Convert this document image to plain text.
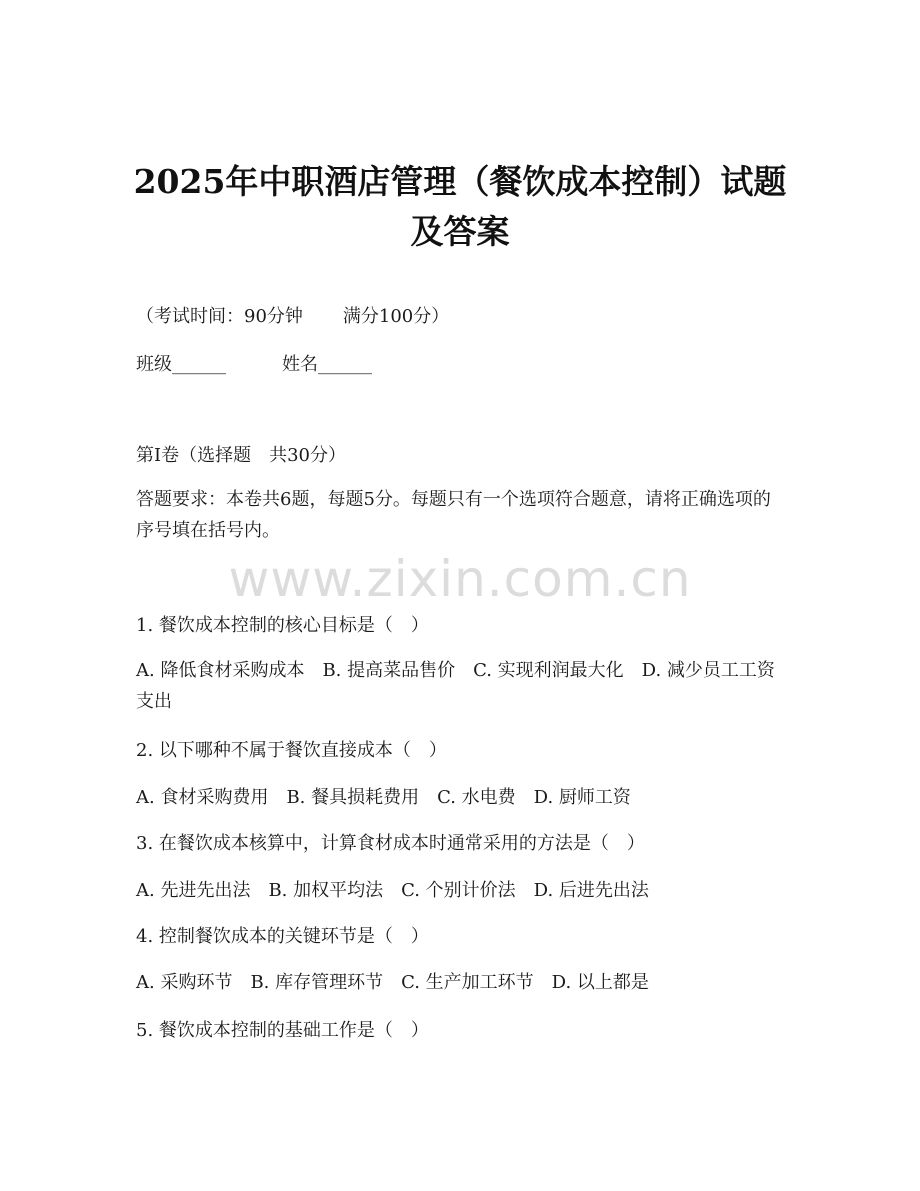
www.zixin.com.cn
2025年中职酒店管理（餐饮成本控制）试题
及答案
（考试时间：90分钟 满分100分）
班级______	姓名______
第I卷（选择题　共30分）
答题要求：本卷共6题，每题5分。每题只有一个选项符合题意，请将正确选项的序号填在括号内。
1. 餐饮成本控制的核心目标是（　）
A. 降低食材采购成本　B. 提高菜品售价　C. 实现利润最大化　D. 减少员工工资支出
2. 以下哪种不属于餐饮直接成本（　）
A. 食材采购费用　B. 餐具损耗费用　C. 水电费　D. 厨师工资
3. 在餐饮成本核算中，计算食材成本时通常采用的方法是（　）
A. 先进先出法　B. 加权平均法　C. 个别计价法　D. 后进先出法
4. 控制餐饮成本的关键环节是（　）
A. 采购环节　B. 库存管理环节　C. 生产加工环节　D. 以上都是
5. 餐饮成本控制的基础工作是（　）
